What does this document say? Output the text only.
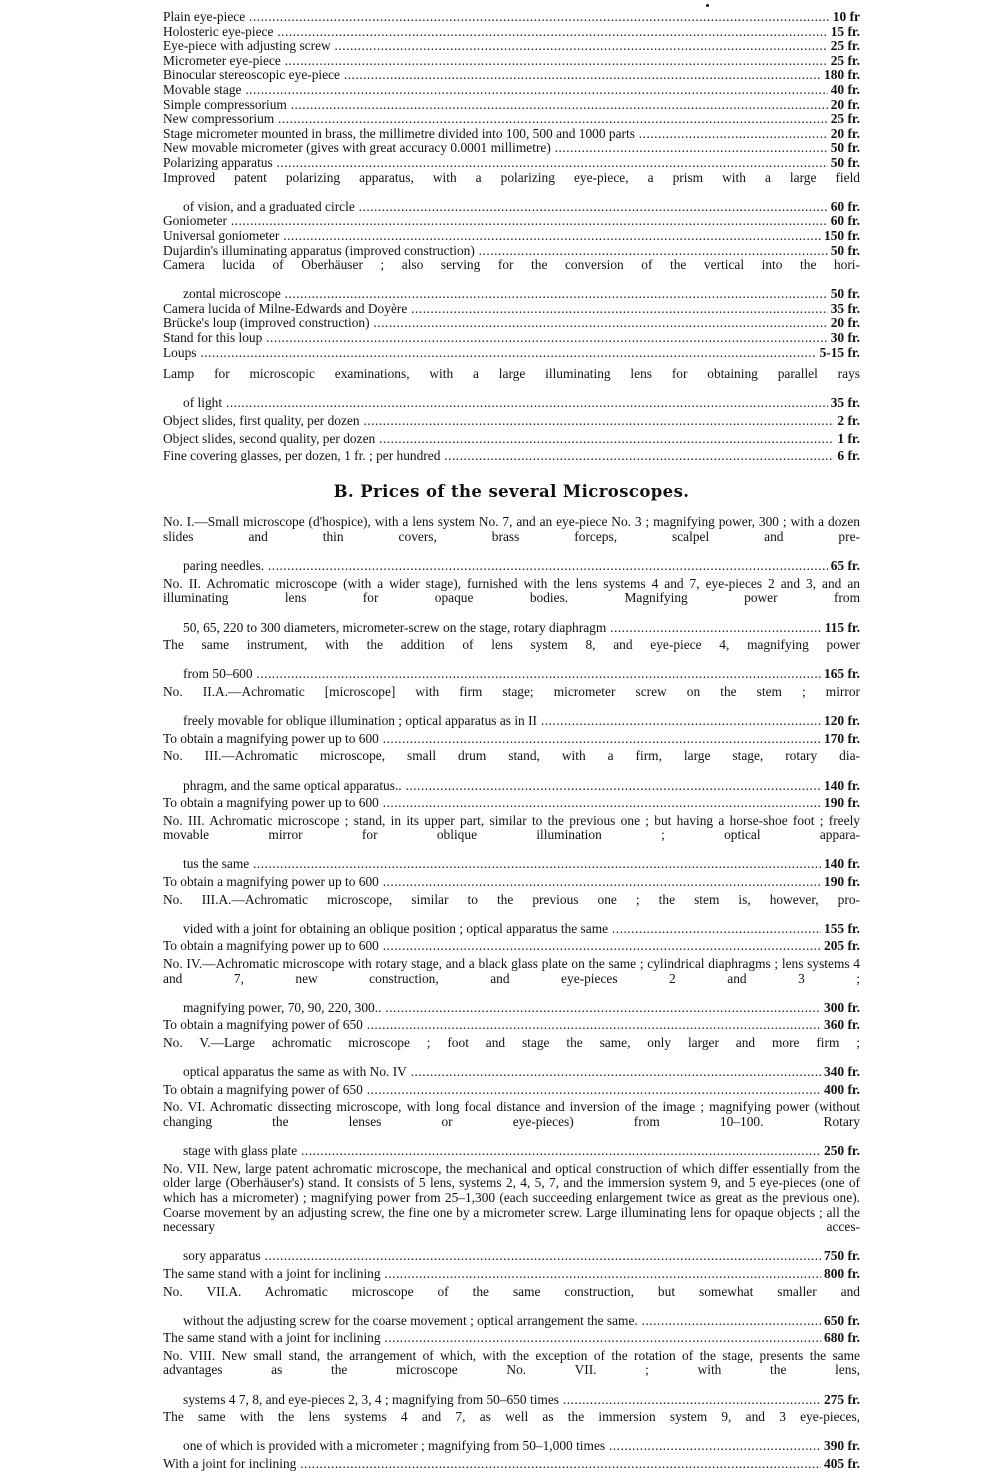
Plain eye-piece .....	10 fr
Holosteric eye-piece .....	15 fr.
Eye-piece with adjusting screw .....	25 fr.
Micrometer eye-piece .....	25 fr.
Binocular stereoscopic eye-piece .....	180 fr.
Movable stage .....	40 fr.
Simple compressorium .....	20 fr.
New compressorium .....	25 fr.
Stage micrometer mounted in brass, the millimetre divided into 100, 500 and 1000 parts .....	20 fr.
New movable micrometer (gives with great accuracy 0.0001 millimetre) .....	50 fr.
Polarizing apparatus .....	50 fr.
Improved patent polarizing apparatus, with a polarizing eye-piece, a prism with a large field
of vision, and a graduated circle .....	60 fr.
Goniometer .....	60 fr.
Universal goniometer .....	150 fr.
Dujardin's illuminating apparatus (improved construction) .....	50 fr.
Camera lucida of Oberhäuser ; also serving for the conversion of the vertical into the hori-
zontal microscope .....	50 fr.
Camera lucida of Milne-Edwards and Doyère .....	35 fr.
Brücke's loup (improved construction) .....	20 fr.
Stand for this loup .....	30 fr.
Loups .....	5-15 fr.
Lamp for microscopic examinations, with a large illuminating lens for obtaining parallel rays
of light .....	35 fr.
Object slides, first quality, per dozen .....	2 fr.
Object slides, second quality, per dozen .....	1 fr.
Fine covering glasses, per dozen, 1 fr. ; per hundred .....	6 fr.
B. Prices of the several Microscopes.
No. I.—Small microscope (d'hospice), with a lens system No. 7, and an eye-piece No. 3 ; magnifying power, 300 ; with a dozen slides and thin covers, brass forceps, scalpel and pre-
paring needles. .....	65 fr.
No. II. Achromatic microscope (with a wider stage), furnished with the lens systems 4 and 7, eye-pieces 2 and 3, and an illuminating lens for opaque bodies. Magnifying power from
50, 65, 220 to 300 diameters, micrometer-screw on the stage, rotary diaphragm .....	115 fr.
The same instrument, with the addition of lens system 8, and eye-piece 4, magnifying power
from 50–600 .....	165 fr.
No. II.A.—Achromatic [microscope] with firm stage; micrometer screw on the stem ; mirror
freely movable for oblique illumination ; optical apparatus as in II .....	120 fr.
To obtain a magnifying power up to 600 .....	170 fr.
No. III.—Achromatic microscope, small drum stand, with a firm, large stage, rotary dia-
phragm, and the same optical apparatus.. .....	140 fr.
To obtain a magnifying power up to 600 .....	190 fr.
No. III. Achromatic microscope ; stand, in its upper part, similar to the previous one ; but having a horse-shoe foot ; freely movable mirror for oblique illumination ; optical appara-
tus the same .....	140 fr.
To obtain a magnifying power up to 600 .....	190 fr.
No. III.A.—Achromatic microscope, similar to the previous one ; the stem is, however, pro-
vided with a joint for obtaining an oblique position ; optical apparatus the same .....	155 fr.
To obtain a magnifying power up to 600 .....	205 fr.
No. IV.—Achromatic microscope with rotary stage, and a black glass plate on the same ; cylindrical diaphragms ; lens systems 4 and 7, new construction, and eye-pieces 2 and 3 ;
magnifying power, 70, 90, 220, 300.. .....	300 fr.
To obtain a magnifying power of 650 .....	360 fr.
No. V.—Large achromatic microscope ; foot and stage the same, only larger and more firm ;
optical apparatus the same as with No. IV .....	340 fr.
To obtain a magnifying power of 650 .....	400 fr.
No. VI. Achromatic dissecting microscope, with long focal distance and inversion of the image ; magnifying power (without changing the lenses or eye-pieces) from 10–100. Rotary
stage with glass plate .....	250 fr.
No. VII. New, large patent achromatic microscope, the mechanical and optical construction of which differ essentially from the older large (Oberhäuser's) stand. It consists of 5 lens, systems 2, 4, 5, 7, and the immersion system 9, and 5 eye-pieces (one of which has a micrometer) ; magnifying power from 25–1,300 (each succeeding enlargement twice as great as the previous one). Coarse movement by an adjusting screw, the fine one by a micrometer screw. Large illuminating lens for opaque objects ; all the necessary acces-
sory apparatus .....	750 fr.
The same stand with a joint for inclining .....	800 fr.
No. VII.A. Achromatic microscope of the same construction, but somewhat smaller and
without the adjusting screw for the coarse movement ; optical arrangement the same. .....	650 fr.
The same stand with a joint for inclining .....	680 fr.
No. VIII. New small stand, the arrangement of which, with the exception of the rotation of the stage, presents the same advantages as the microscope No. VII. ; with the lens,
systems 4 7, 8, and eye-pieces 2, 3, 4 ; magnifying from 50–650 times .....	275 fr.
The same with the lens systems 4 and 7, as well as the immersion system 9, and 3 eye-pieces,
one of which is provided with a micrometer ; magnifying from 50–1,000 times .....	390 fr.
With a joint for inclining .....	405 fr.
